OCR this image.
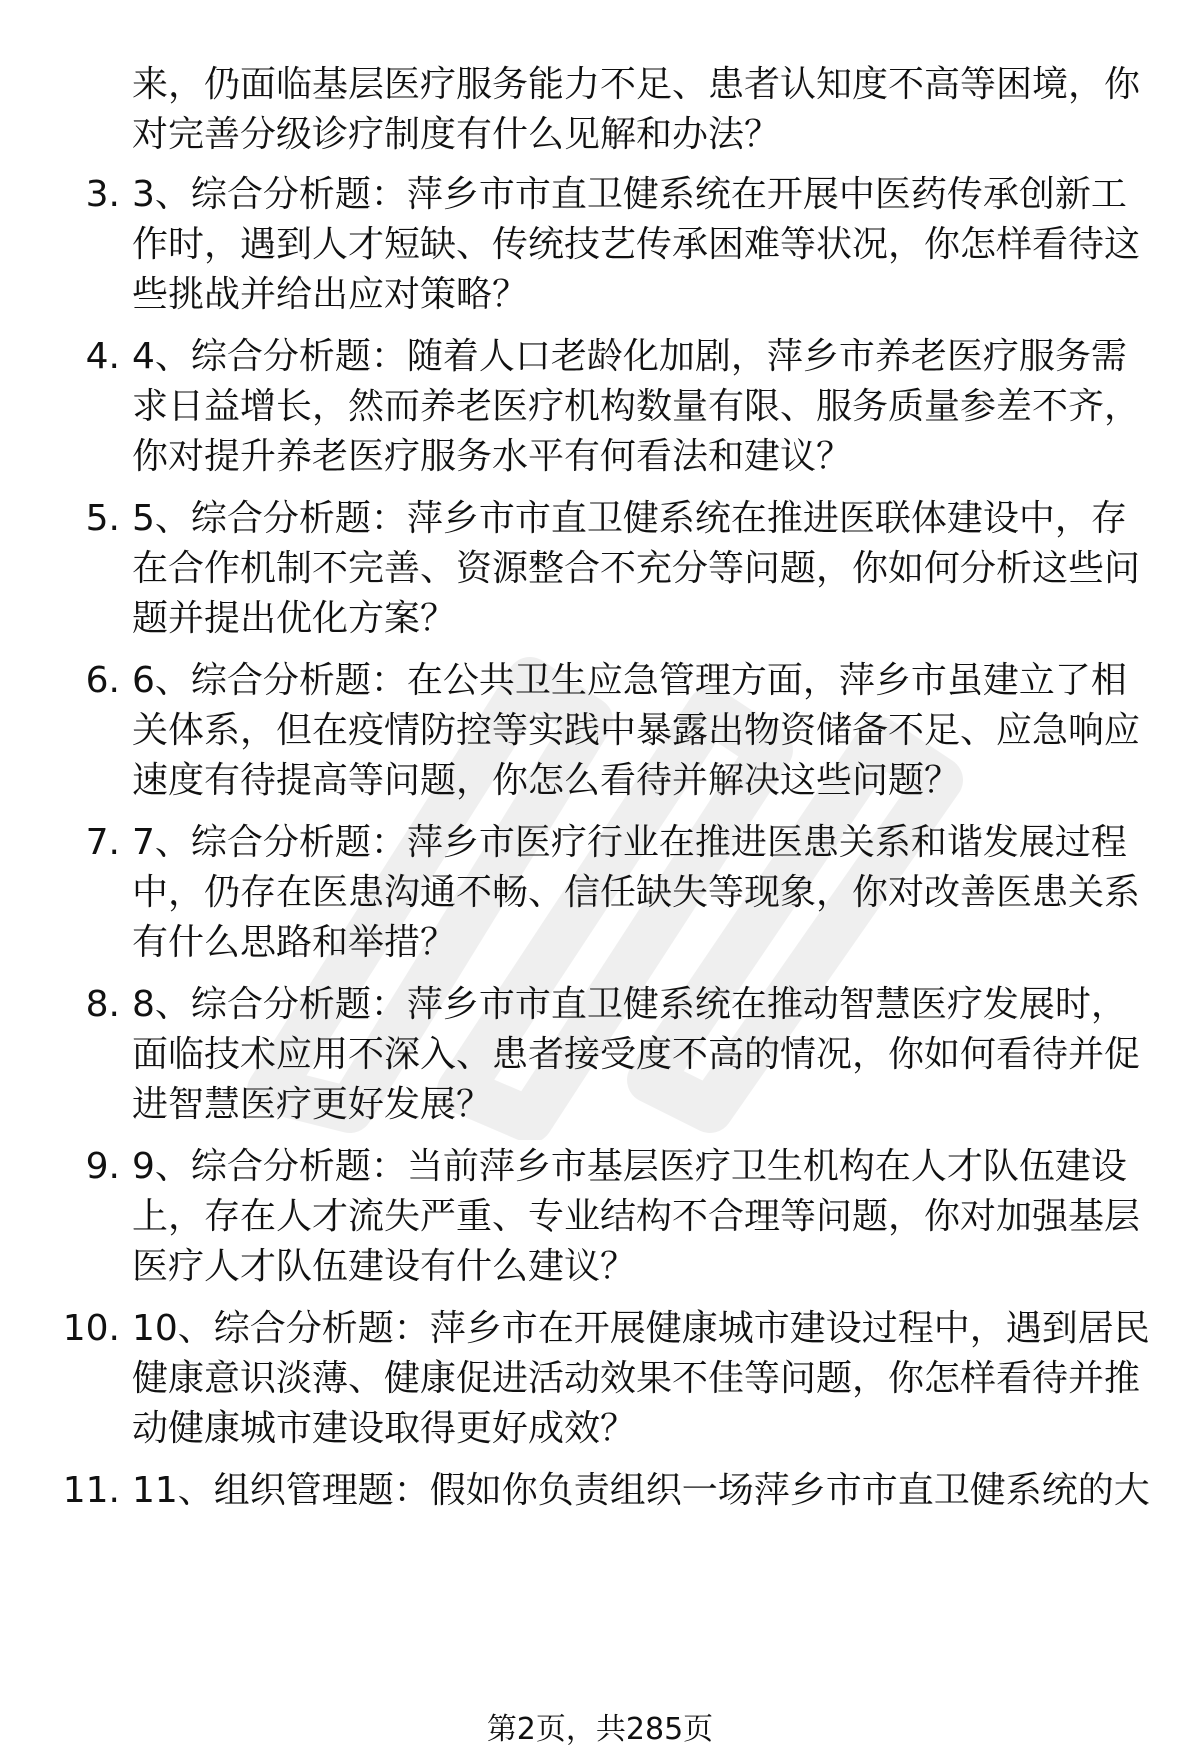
来，仍面临基层医疗服务能力不足、患者认知度不高等困境，你对完善分级诊疗制度有什么见解和办法？
3. 3、综合分析题：萍乡市市直卫健系统在开展中医药传承创新工作时，遇到人才短缺、传统技艺传承困难等状况，你怎样看待这些挑战并给出应对策略？
4. 4、综合分析题：随着人口老龄化加剧，萍乡市养老医疗服务需求日益增长，然而养老医疗机构数量有限、服务质量参差不齐，你对提升养老医疗服务水平有何看法和建议？
5. 5、综合分析题：萍乡市市直卫健系统在推进医联体建设中，存在合作机制不完善、资源整合不充分等问题，你如何分析这些问题并提出优化方案？
6. 6、综合分析题：在公共卫生应急管理方面，萍乡市虽建立了相关体系，但在疫情防控等实践中暴露出物资储备不足、应急响应速度有待提高等问题，你怎么看待并解决这些问题？
7. 7、综合分析题：萍乡市医疗行业在推进医患关系和谐发展过程中，仍存在医患沟通不畅、信任缺失等现象，你对改善医患关系有什么思路和举措？
8. 8、综合分析题：萍乡市市直卫健系统在推动智慧医疗发展时，面临技术应用不深入、患者接受度不高的情况，你如何看待并促进智慧医疗更好发展？
9. 9、综合分析题：当前萍乡市基层医疗卫生机构在人才队伍建设上，存在人才流失严重、专业结构不合理等问题，你对加强基层医疗人才队伍建设有什么建议？
10. 10、综合分析题：萍乡市在开展健康城市建设过程中，遇到居民健康意识淡薄、健康促进活动效果不佳等问题，你怎样看待并推动健康城市建设取得更好成效？
11. 11、组织管理题：假如你负责组织一场萍乡市市直卫健系统的大
第2页，共285页
